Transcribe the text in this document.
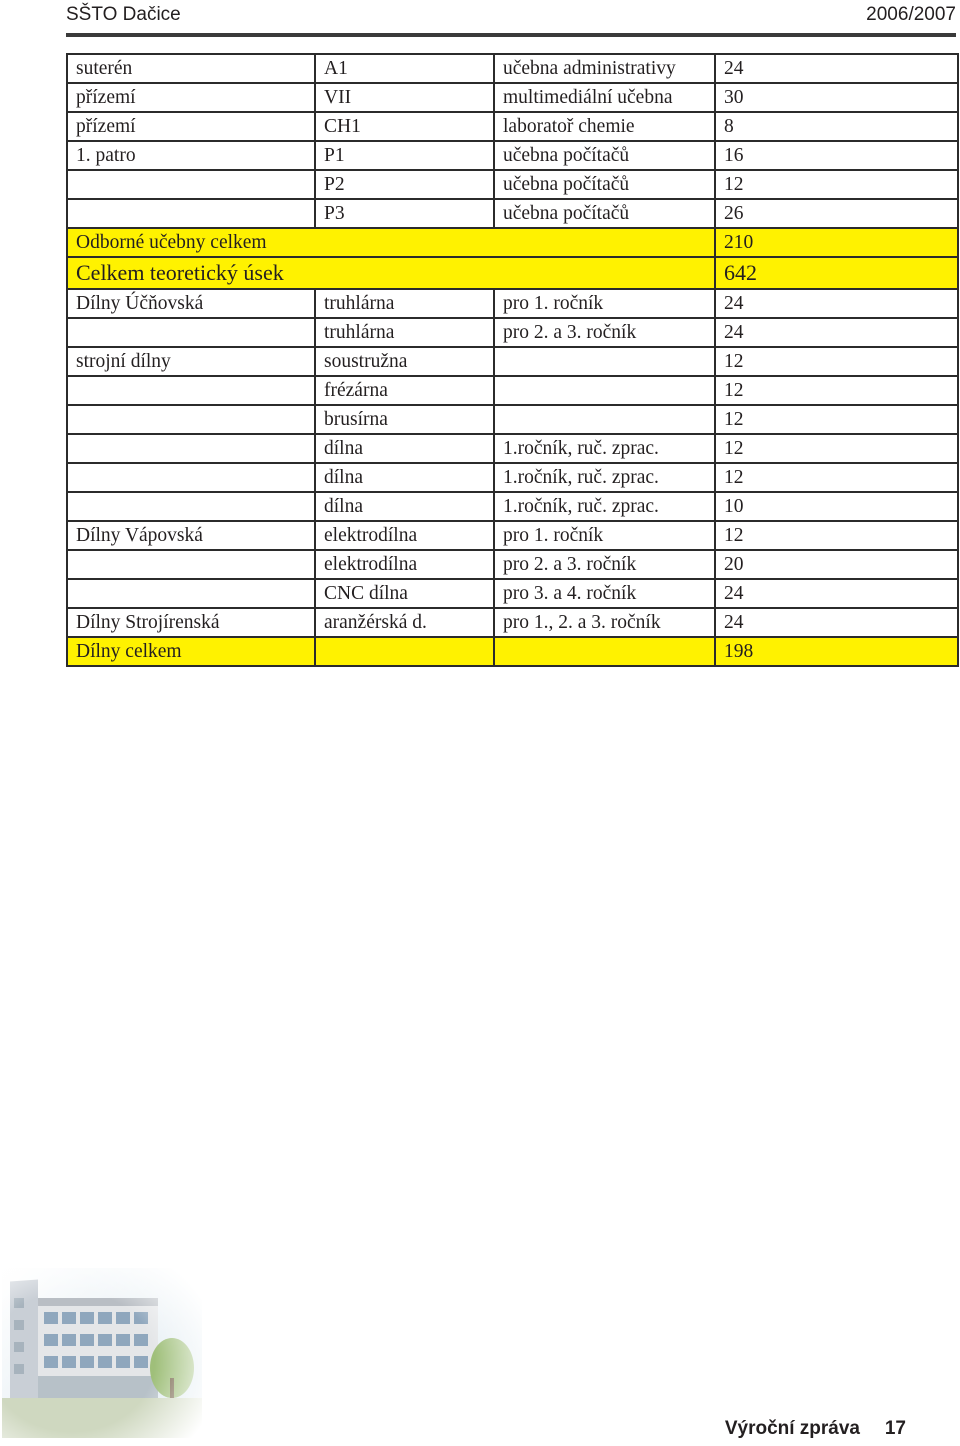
SŠTO Dačice	2006/2007
suterén	A1	učebna administrativy	24
přízemí	VII	multimediální učebna	30
přízemí	CH1	laboratoř chemie	8
1. patro	P1	učebna počítačů	16
	P2	učebna počítačů	12
	P3	učebna počítačů	26
Odborné učebny celkem			210
Celkem teoretický úsek			642
Dílny Účňovská	truhlárna	pro 1. ročník	24
	truhlárna	pro 2. a 3. ročník	24
strojní dílny	soustružna		12
	frézárna		12
	brusírna		12
	dílna	1.ročník, ruč. zprac.	12
	dílna	1.ročník, ruč. zprac.	12
	dílna	1.ročník, ruč. zprac.	10
Dílny Vápovská	elektrodílna	pro 1. ročník	12
	elektrodílna	pro 2. a 3. ročník	20
	CNC dílna	pro 3. a 4. ročník	24
Dílny Strojírenská	aranžérská d.	pro 1., 2. a 3. ročník	24
Dílny celkem			198
Výroční zpráva	17
